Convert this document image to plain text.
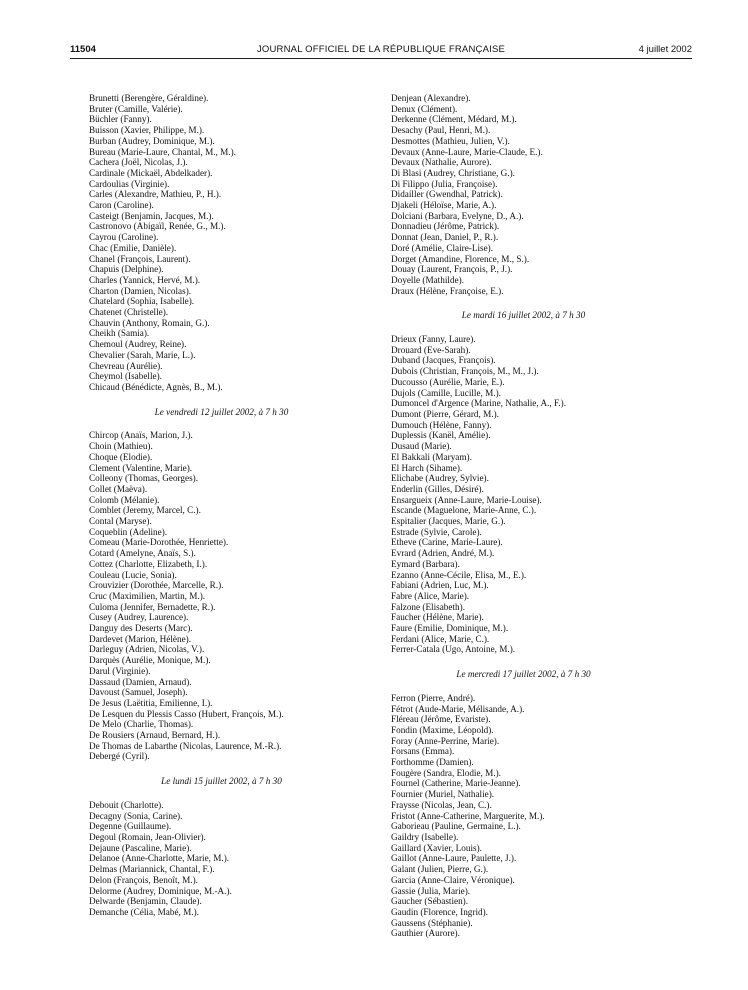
11504	JOURNAL OFFICIEL DE LA RÉPUBLIQUE FRANÇAISE	4 juillet 2002
Brunetti (Berengère, Géraldine).
Bruter (Camille, Valérie).
Büchler (Fanny).
Buisson (Xavier, Philippe, M.).
Burban (Audrey, Dominique, M.).
Bureau (Marie-Laure, Chantal, M., M.).
Cachera (Joël, Nicolas, J.).
Cardinale (Mickaël, Abdelkader).
Cardoulias (Virginie).
Carles (Alexandre, Mathieu, P., H.).
Caron (Caroline).
Casteigt (Benjamin, Jacques, M.).
Castronovo (Abigaïl, Renée, G., M.).
Cayrou (Caroline).
Chac (Emilie, Danièle).
Chanel (François, Laurent).
Chapuis (Delphine).
Charles (Yannick, Hervé, M.).
Charton (Damien, Nicolas).
Chatelard (Sophia, Isabelle).
Chatenet (Christelle).
Chauvin (Anthony, Romain, G.).
Cheikh (Samia).
Chemoul (Audrey, Reine).
Chevalier (Sarah, Marie, L.).
Chevreau (Aurélie).
Cheymol (Isabelle).
Chicaud (Bénédicte, Agnès, B., M.).
Le vendredi 12 juillet 2002, à 7 h 30
Chircop (Anaïs, Marion, J.).
Choin (Mathieu).
Choque (Elodie).
Clement (Valentine, Marie).
Colleony (Thomas, Georges).
Collet (Maëva).
Colomb (Mélanie).
Comblet (Jeremy, Marcel, C.).
Contal (Maryse).
Coqueblin (Adeline).
Comeau (Marie-Dorothée, Henriette).
Cotard (Amelyne, Anaïs, S.).
Cottez (Charlotte, Elizabeth, I.).
Couleau (Lucie, Sonia).
Crouvizier (Dorothée, Marcelle, R.).
Cruc (Maximilien, Martin, M.).
Culoma (Jennifer, Bernadette, R.).
Cusey (Audrey, Laurence).
Danguy des Deserts (Marc).
Dardevet (Marion, Hélène).
Darleguy (Adrien, Nicolas, V.).
Darquès (Aurélie, Monique, M.).
Darul (Virginie).
Dassaud (Damien, Arnaud).
Davoust (Samuel, Joseph).
De Jesus (Laëtitia, Emilienne, I.).
De Lesquen du Plessis Casso (Hubert, François, M.).
De Melo (Charlie, Thomas).
De Rousiers (Arnaud, Bernard, H.).
De Thomas de Labarthe (Nicolas, Laurence, M.-R.).
Debergé (Cyril).
Le lundi 15 juillet 2002, à 7 h 30
Debouit (Charlotte).
Decagny (Sonia, Carine).
Degenne (Guillaume).
Degoul (Romain, Jean-Olivier).
Dejaune (Pascaline, Marie).
Delanoe (Anne-Charlotte, Marie, M.).
Delmas (Mariannick, Chantal, F.).
Delon (François, Benoît, M.).
Delorme (Audrey, Dominique, M.-A.).
Delwarde (Benjamin, Claude).
Demanche (Célia, Mabé, M.).
Denjean (Alexandre).
Denux (Clément).
Derkenne (Clément, Médard, M.).
Desachy (Paul, Henri, M.).
Desmottes (Mathieu, Julien, V.).
Devaux (Anne-Laure, Marie-Claude, E.).
Devaux (Nathalie, Aurore).
Di Blasi (Audrey, Christiane, G.).
Di Filippo (Julia, Françoise).
Didailler (Gwendhal, Patrick).
Djakeli (Héloïse, Marie, A.).
Dolciani (Barbara, Evelyne, D., A.).
Donnadieu (Jérôme, Patrick).
Donnat (Jean, Daniel, P., R.).
Doré (Amélie, Claire-Lise).
Dorget (Amandine, Florence, M., S.).
Douay (Laurent, François, P., J.).
Doyelle (Mathilde).
Draux (Hélène, Françoise, E.).
Le mardi 16 juillet 2002, à 7 h 30
Drieux (Fanny, Laure).
Drouard (Eve-Sarah).
Duband (Jacques, François).
Dubois (Christian, François, M., M., J.).
Ducousso (Aurélie, Marie, E.).
Dujols (Camille, Lucille, M.).
Dumoncel d'Argence (Marine, Nathalie, A., F.).
Dumont (Pierre, Gérard, M.).
Dumouch (Hélène, Fanny).
Duplessis (Kanël, Amélie).
Dusaud (Marie).
El Bakkali (Maryam).
El Harch (Sihame).
Elichabe (Audrey, Sylvie).
Enderlin (Gilles, Désiré).
Ensargueix (Anne-Laure, Marie-Louise).
Escande (Maguelone, Marie-Anne, C.).
Espitalier (Jacques, Marie, G.).
Estrade (Sylvie, Carole).
Etheve (Carine, Marie-Laure).
Evrard (Adrien, André, M.).
Eymard (Barbara).
Ezanno (Anne-Cécile, Elisa, M., E.).
Fabiani (Adrien, Luc, M.).
Fabre (Alice, Marie).
Falzone (Elisabeth).
Faucher (Hélène, Marie).
Faure (Emilie, Dominique, M.).
Ferdani (Alice, Marie, C.).
Ferrer-Catala (Ugo, Antoine, M.).
Le mercredi 17 juillet 2002, à 7 h 30
Ferron (Pierre, André).
Fétrot (Aude-Marie, Mélisande, A.).
Fléreau (Jérôme, Evariste).
Fondin (Maxime, Léopold).
Foray (Anne-Perrine, Marie).
Forsans (Emma).
Forthomme (Damien).
Fougère (Sandra, Elodie, M.).
Fournel (Catherine, Marie-Jeanne).
Fournier (Muriel, Nathalie).
Fraysse (Nicolas, Jean, C.).
Fristot (Anne-Catherine, Marguerite, M.).
Gaborieau (Pauline, Germaine, L.).
Gaildry (Isabelle).
Gaillard (Xavier, Louis).
Gaillot (Anne-Laure, Paulette, J.).
Galant (Julien, Pierre, G.).
Garcia (Anne-Claire, Véronique).
Gassie (Julia, Marie).
Gaucher (Sébastien).
Gaudin (Florence, Ingrid).
Gaussens (Stéphanie).
Gauthier (Aurore).
